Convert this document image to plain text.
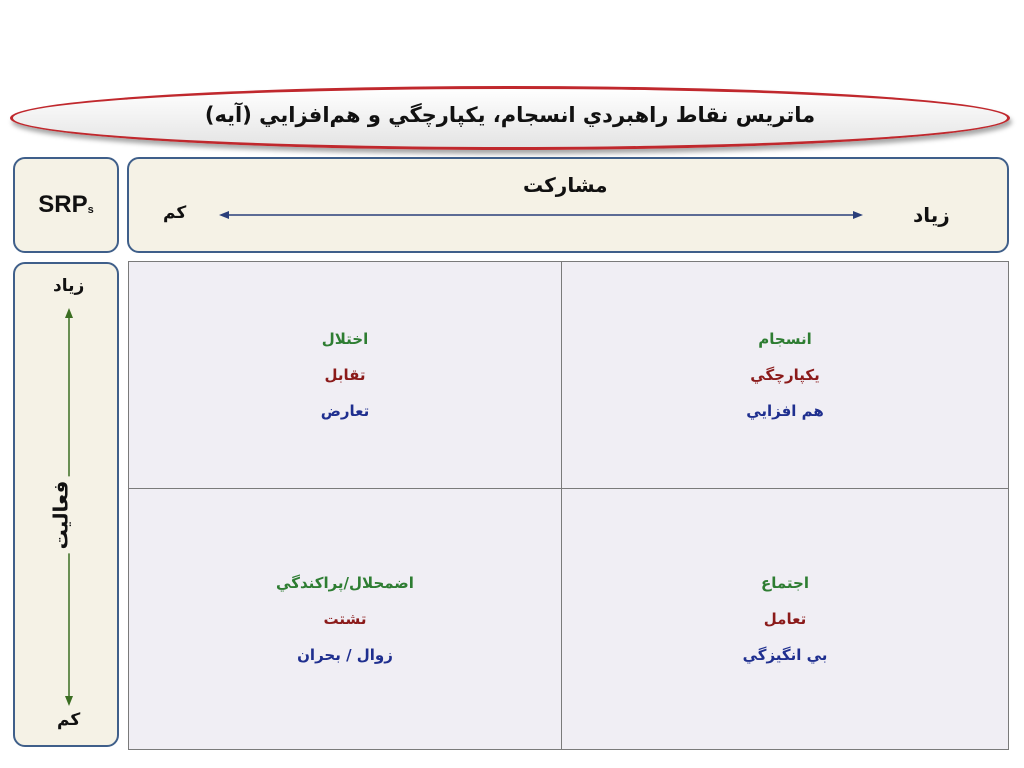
ماتريس نقاط راهبردي انسجام، يكپارچگي و هم‌افزايي (آيه)
SRP s
مشاركت
كم	زياد
زياد
كم
فعاليت
اختلال
تقابل
تعارض
انسجام
يكپارچگي
هم افزايي
اضمحلال/پراكندگي
تشتت
زوال / بحران
اجتماع
تعامل
بي انگيزگي
